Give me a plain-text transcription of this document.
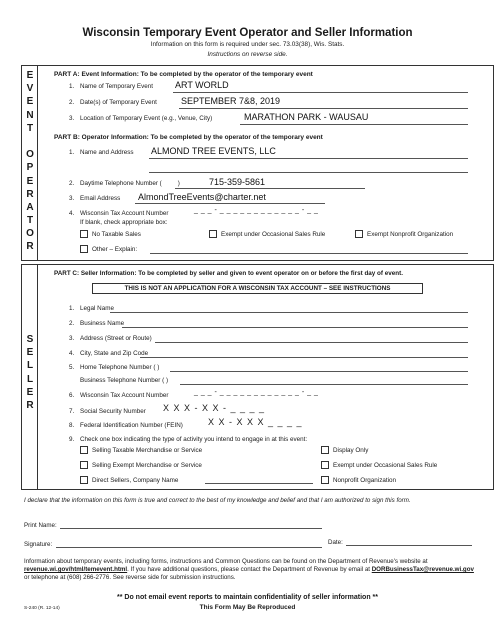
Wisconsin Temporary Event Operator and Seller Information
Information on this form is required under sec. 73.03(38), Wis. Stats.
Instructions on reverse side.
E
V
E
N
T
O
P
E
R
A
T
O
R
PART A: Event Information: To be completed by the operator of the temporary event
1. Name of Temporary Event ART WORLD
2. Date(s) of Temporary Event	SEPTEMBER 7&8, 2019
3. Location of Temporary Event (e.g., Venue, City)	MARATHON PARK - WAUSAU
PART B: Operator Information: To be completed by the operator of the temporary event
1. Name and Address ALMOND TREE EVENTS, LLC
2. Daytime Telephone Number (	)	715-359-5861
3. Email Address AlmondTreeEvents@charter.net
4. Wisconsin Tax Account Number	_ _ _ - _ _ _ _ _ _ _ _ _ _ _ _ - _ _
If blank, check appropriate box:
No Taxable Sales	Exempt under Occasional Sales Rule	Exempt Nonprofit Organization
Other – Explain:
S
E
L
L
E
R
PART C: Seller Information: To be completed by seller and given to event operator on or before the first day of event.
THIS IS NOT AN APPLICATION FOR A WISCONSIN TAX ACCOUNT – SEE INSTRUCTIONS
1. Legal Name
2. Business Name
3. Address (Street or Route)
4. City, State and Zip Code
5. Home Telephone Number ( )
Business Telephone Number ( )
6. Wisconsin Tax Account Number	_ _ _ - _ _ _ _ _ _ _ _ _ _ _ _ - _ _
7. Social Security Number X X X - X X - _ _ _ _
8. Federal Identification Number (FEIN)	X X - X X X _ _ _ _
9. Check one box indicating the type of activity you intend to engage in at this event:
Selling Taxable Merchandise or Service
Selling Exempt Merchandise or Service
Direct Sellers, Company Name
Display Only
Exempt under Occasional Sales Rule
Nonprofit Organization
I declare that the information on this form is true and correct to the best of my knowledge and belief and that I am authorized to sign this form.
Print Name:
Signature:	Date:
Information about temporary events, including forms, instructions and Common Questions can be found on the Department of Revenue's website at revenue.wi.gov/html/temevent.html. If you have additional questions, please contact the Department of Revenue by email at DORBusinessTax@revenue.wi.gov or telephone at (608) 266-2776. See reverse side for submission instructions.
** Do not email event reports to maintain confidentiality of seller information **
S-240 (R. 12-14)	This Form May Be Reproduced
